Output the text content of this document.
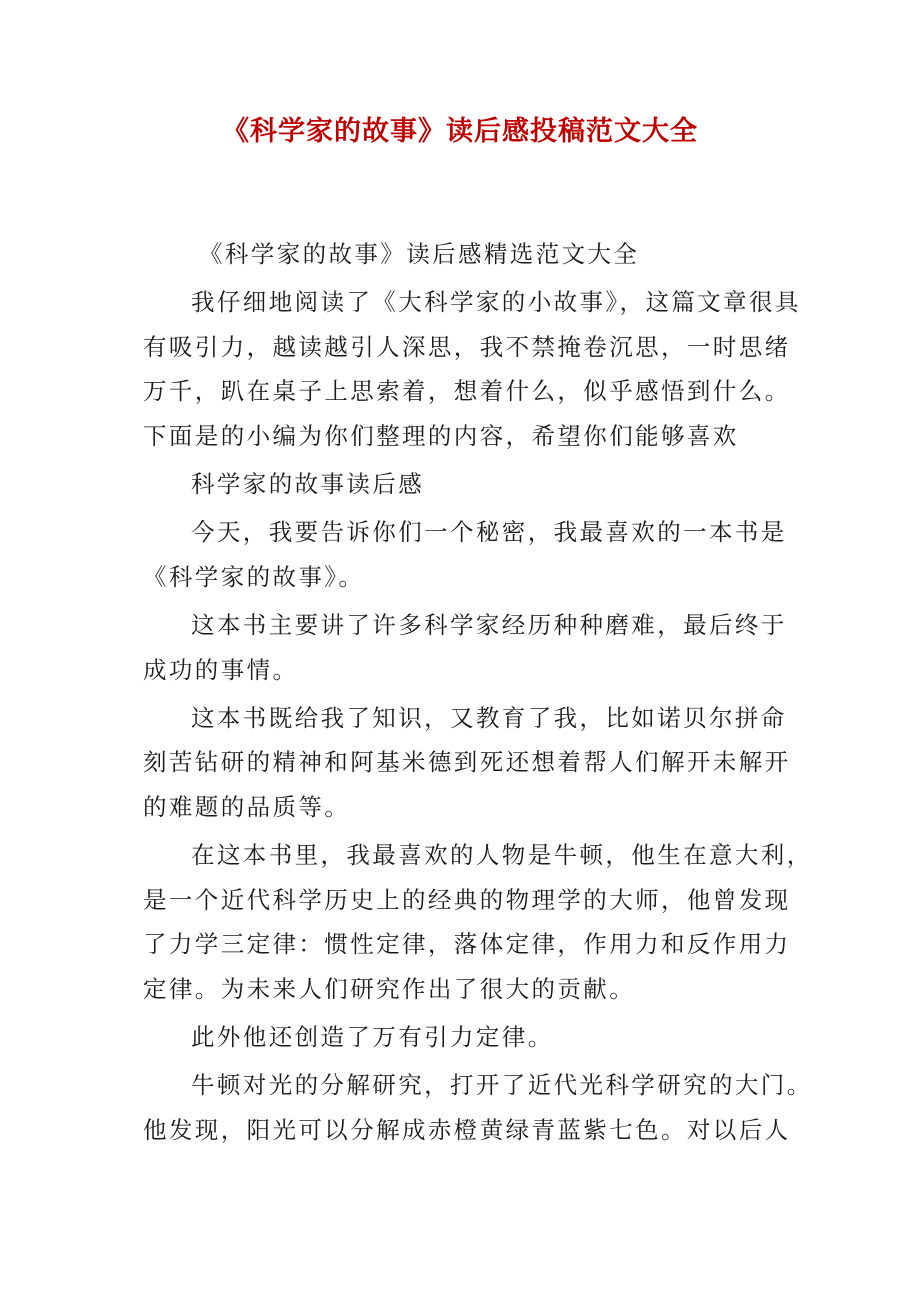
《科学家的故事》读后感投稿范文大全
《科学家的故事》读后感精选范文大全
我仔细地阅读了《大科学家的小故事》，这篇文章很具
有吸引力，越读越引人深思，我不禁掩卷沉思，一时思绪
万千，趴在桌子上思索着，想着什么，似乎感悟到什么。
下面是的小编为你们整理的内容，希望你们能够喜欢
科学家的故事读后感
今天，我要告诉你们一个秘密，我最喜欢的一本书是
《科学家的故事》。
这本书主要讲了许多科学家经历种种磨难，最后终于
成功的事情。
这本书既给我了知识，又教育了我，比如诺贝尔拼命
刻苦钻研的精神和阿基米德到死还想着帮人们解开未解开
的难题的品质等。
在这本书里，我最喜欢的人物是牛顿，他生在意大利，
是一个近代科学历史上的经典的物理学的大师，他曾发现
了力学三定律：惯性定律，落体定律，作用力和反作用力
定律。为未来人们研究作出了很大的贡献。
此外他还创造了万有引力定律。
牛顿对光的分解研究，打开了近代光科学研究的大门。
他发现，阳光可以分解成赤橙黄绿青蓝紫七色。对以后人
